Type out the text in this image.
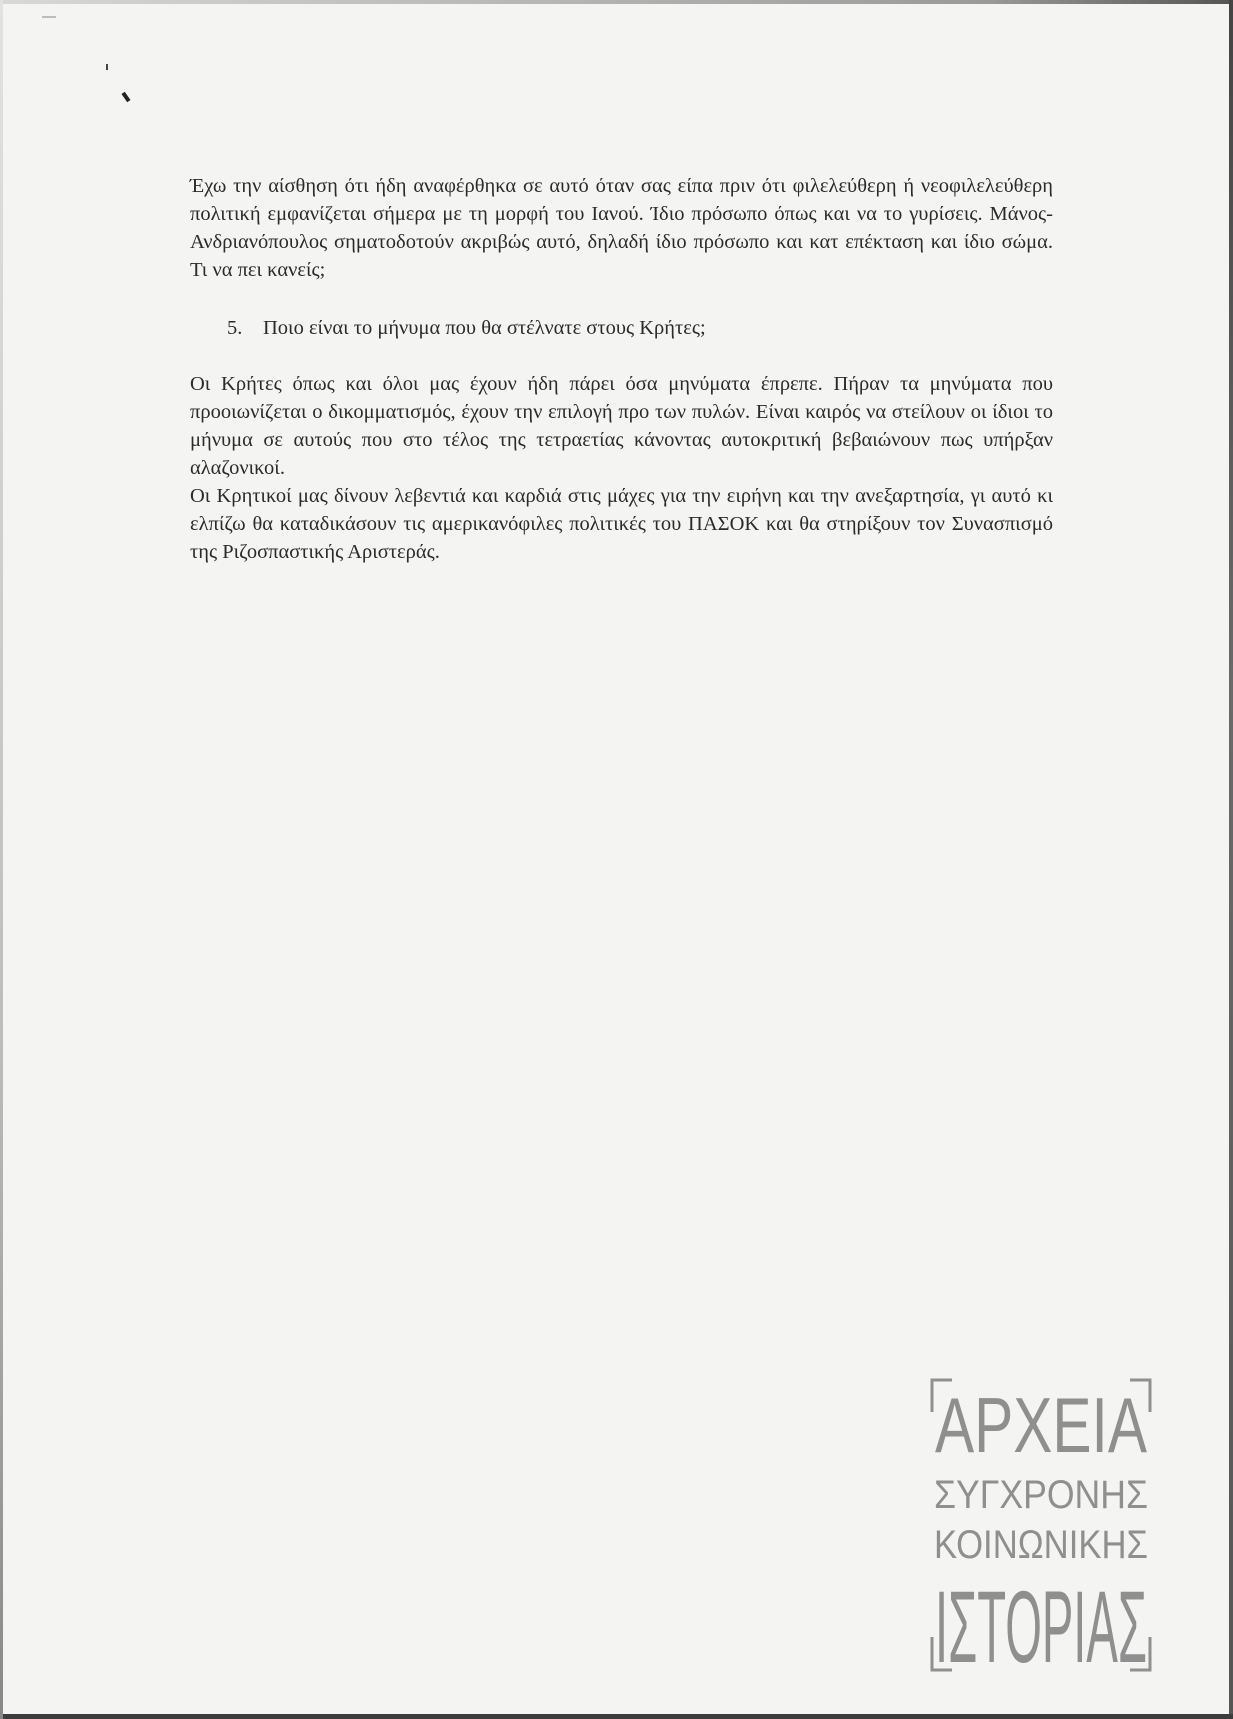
Έχω την αίσθηση ότι ήδη αναφέρθηκα σε αυτό όταν σας είπα πριν ότι φιλελεύθερη ή νεοφιλελεύθερη πολιτική εμφανίζεται σήμερα με τη μορφή του Ιανού. Ίδιο πρόσωπο όπως και να το γυρίσεις. Μάνος-Ανδριανόπουλος σηματοδοτούν ακριβώς αυτό, δηλαδή ίδιο πρόσωπο και κατ επέκταση και ίδιο σώμα. Τι να πει κανείς;

5. Ποιο είναι το μήνυμα που θα στέλνατε στους Κρήτες;

Οι Κρήτες όπως και όλοι μας έχουν ήδη πάρει όσα μηνύματα έπρεπε. Πήραν τα μηνύματα που προοιωνίζεται ο δικομματισμός, έχουν την επιλογή προ των πυλών. Είναι καιρός να στείλουν οι ίδιοι το μήνυμα σε αυτούς που στο τέλος της τετραετίας κάνοντας αυτοκριτική βεβαιώνουν πως υπήρξαν αλαζονικοί.

Οι Κρητικοί μας δίνουν λεβεντιά και καρδιά στις μάχες για την ειρήνη και την ανεξαρτησία, γι αυτό κι ελπίζω θα καταδικάσουν τις αμερικανόφιλες πολιτικές του ΠΑΣΟΚ και θα στηρίξουν τον Συνασπισμό της Ριζοσπαστικής Αριστεράς.

ΑΡΧΕΙΑ
ΣΥΓΧΡΟΝΗΣ
ΚΟΙΝΩΝΙΚΗΣ
ΙΣΤΟΡΙΑΣ
